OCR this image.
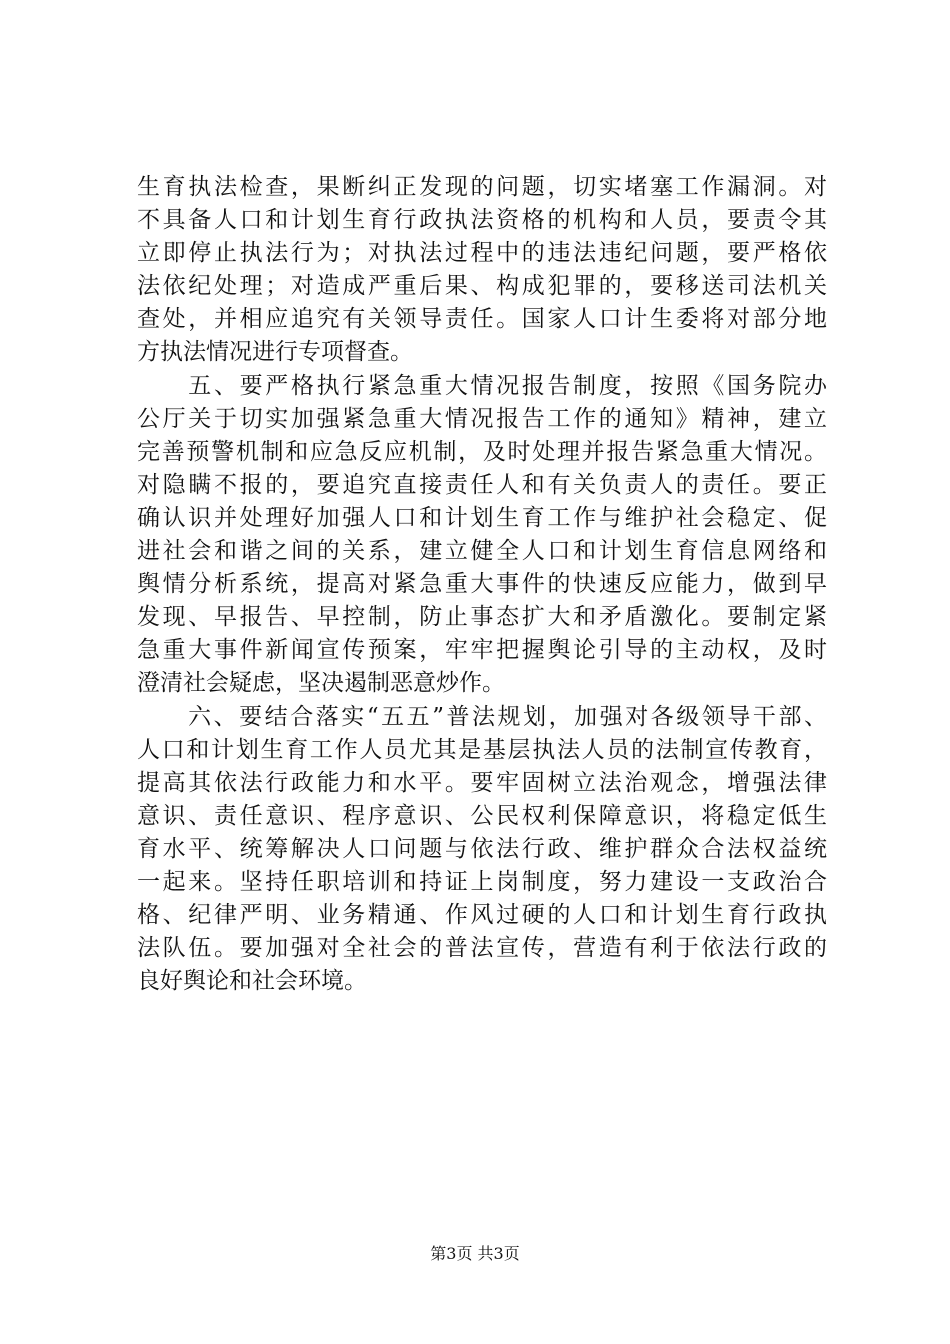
生育执法检查，果断纠正发现的问题，切实堵塞工作漏洞。对
不具备人口和计划生育行政执法资格的机构和人员，要责令其
立即停止执法行为；对执法过程中的违法违纪问题，要严格依
法依纪处理；对造成严重后果、构成犯罪的，要移送司法机关
查处，并相应追究有关领导责任。国家人口计生委将对部分地
方执法情况进行专项督查。
　　五、要严格执行紧急重大情况报告制度，按照《国务院办
公厅关于切实加强紧急重大情况报告工作的通知》精神，建立
完善预警机制和应急反应机制，及时处理并报告紧急重大情况。
对隐瞒不报的，要追究直接责任人和有关负责人的责任。要正
确认识并处理好加强人口和计划生育工作与维护社会稳定、促
进社会和谐之间的关系，建立健全人口和计划生育信息网络和
舆情分析系统，提高对紧急重大事件的快速反应能力，做到早
发现、早报告、早控制，防止事态扩大和矛盾激化。要制定紧
急重大事件新闻宣传预案，牢牢把握舆论引导的主动权，及时
澄清社会疑虑，坚决遏制恶意炒作。
　　六、要结合落实“五五”普法规划，加强对各级领导干部、
人口和计划生育工作人员尤其是基层执法人员的法制宣传教育，
提高其依法行政能力和水平。要牢固树立法治观念，增强法律
意识、责任意识、程序意识、公民权利保障意识，将稳定低生
育水平、统筹解决人口问题与依法行政、维护群众合法权益统
一起来。坚持任职培训和持证上岗制度，努力建设一支政治合
格、纪律严明、业务精通、作风过硬的人口和计划生育行政执
法队伍。要加强对全社会的普法宣传，营造有利于依法行政的
良好舆论和社会环境。
第3页 共3页
